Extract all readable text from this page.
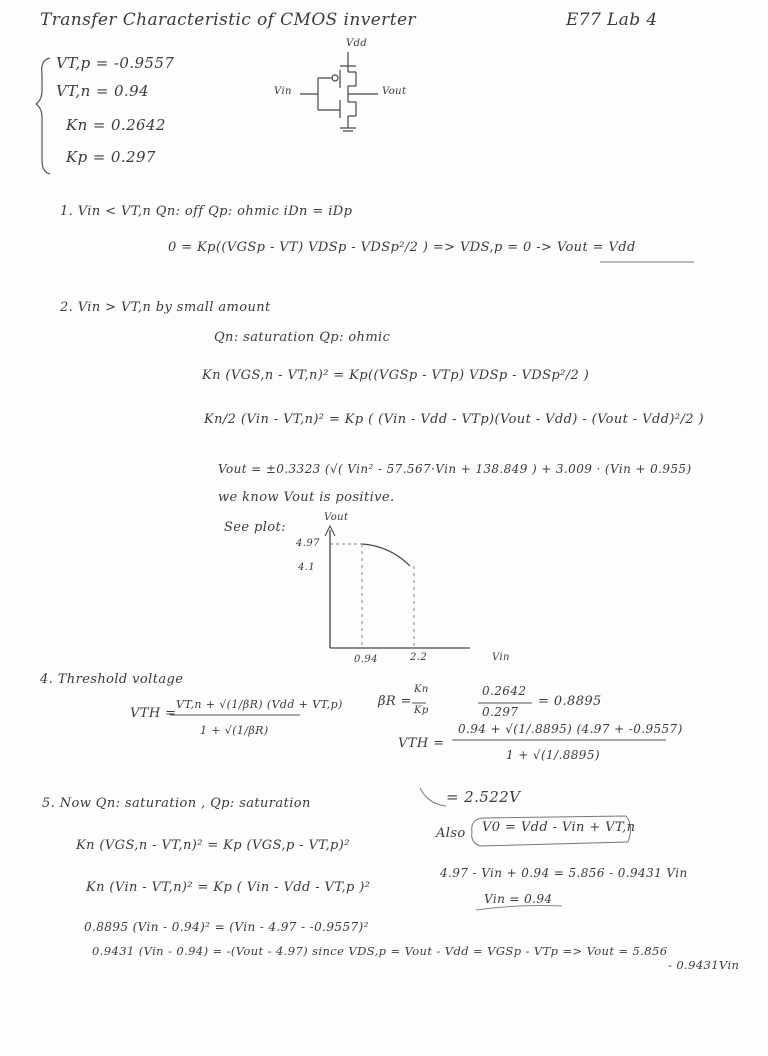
Transfer Characteristic of CMOS inverter	E77 Lab 4
VT,p = -0.9557
VT,n = 0.94
Kn = 0.2642
Kp = 0.297
Vdd
Vin	Vout
1. Vin < VT,n Qn: off Qp: ohmic iDn = iDp
0 = Kp((VGSp - VT) VDSp - VDSp²/2 ) => VDS,p = 0 -> Vout = Vdd
2. Vin > VT,n by small amount
Qn: saturation Qp: ohmic
Kn (VGS,n - VT,n)² = Kp((VGSp - VTp) VDSp - VDSp²/2 )
Kn/2 (Vin - VT,n)² = Kp ( (Vin - Vdd - VTp)(Vout - Vdd) - (Vout - Vdd)²/2 )
Vout = ±0.3323 (√( Vin² - 57.567·Vin + 138.849 ) + 3.009 · (Vin + 0.955)
we know Vout is positive.
See plot:
Vout
4.97
4.1
0.94	2.2	Vin
4. Threshold voltage
VTH =
VT,n + √(1/βR) (Vdd + VT,p)
1 + √(1/βR)
βR =
Kn
Kp
0.2642
0.297
= 0.8895
VTH =
0.94 + √(1/.8895) (4.97 + -0.9557)
1 + √(1/.8895)
= 2.522V
5. Now Qn: saturation , Qp: saturation
Kn (VGS,n - VT,n)² = Kp (VGS,p - VT,p)²
Kn (Vin - VT,n)² = Kp ( Vin - Vdd - VT,p )²
0.8895 (Vin - 0.94)² = (Vin - 4.97 - -0.9557)²
0.9431 (Vin - 0.94) = -(Vout - 4.97) since VDS,p = Vout - Vdd = VGSp - VTp => Vout = 5.856
- 0.9431Vin
Also V0 = Vdd - Vin + VT,n
4.97 - Vin + 0.94 = 5.856 - 0.9431 Vin
Vin = 0.94
